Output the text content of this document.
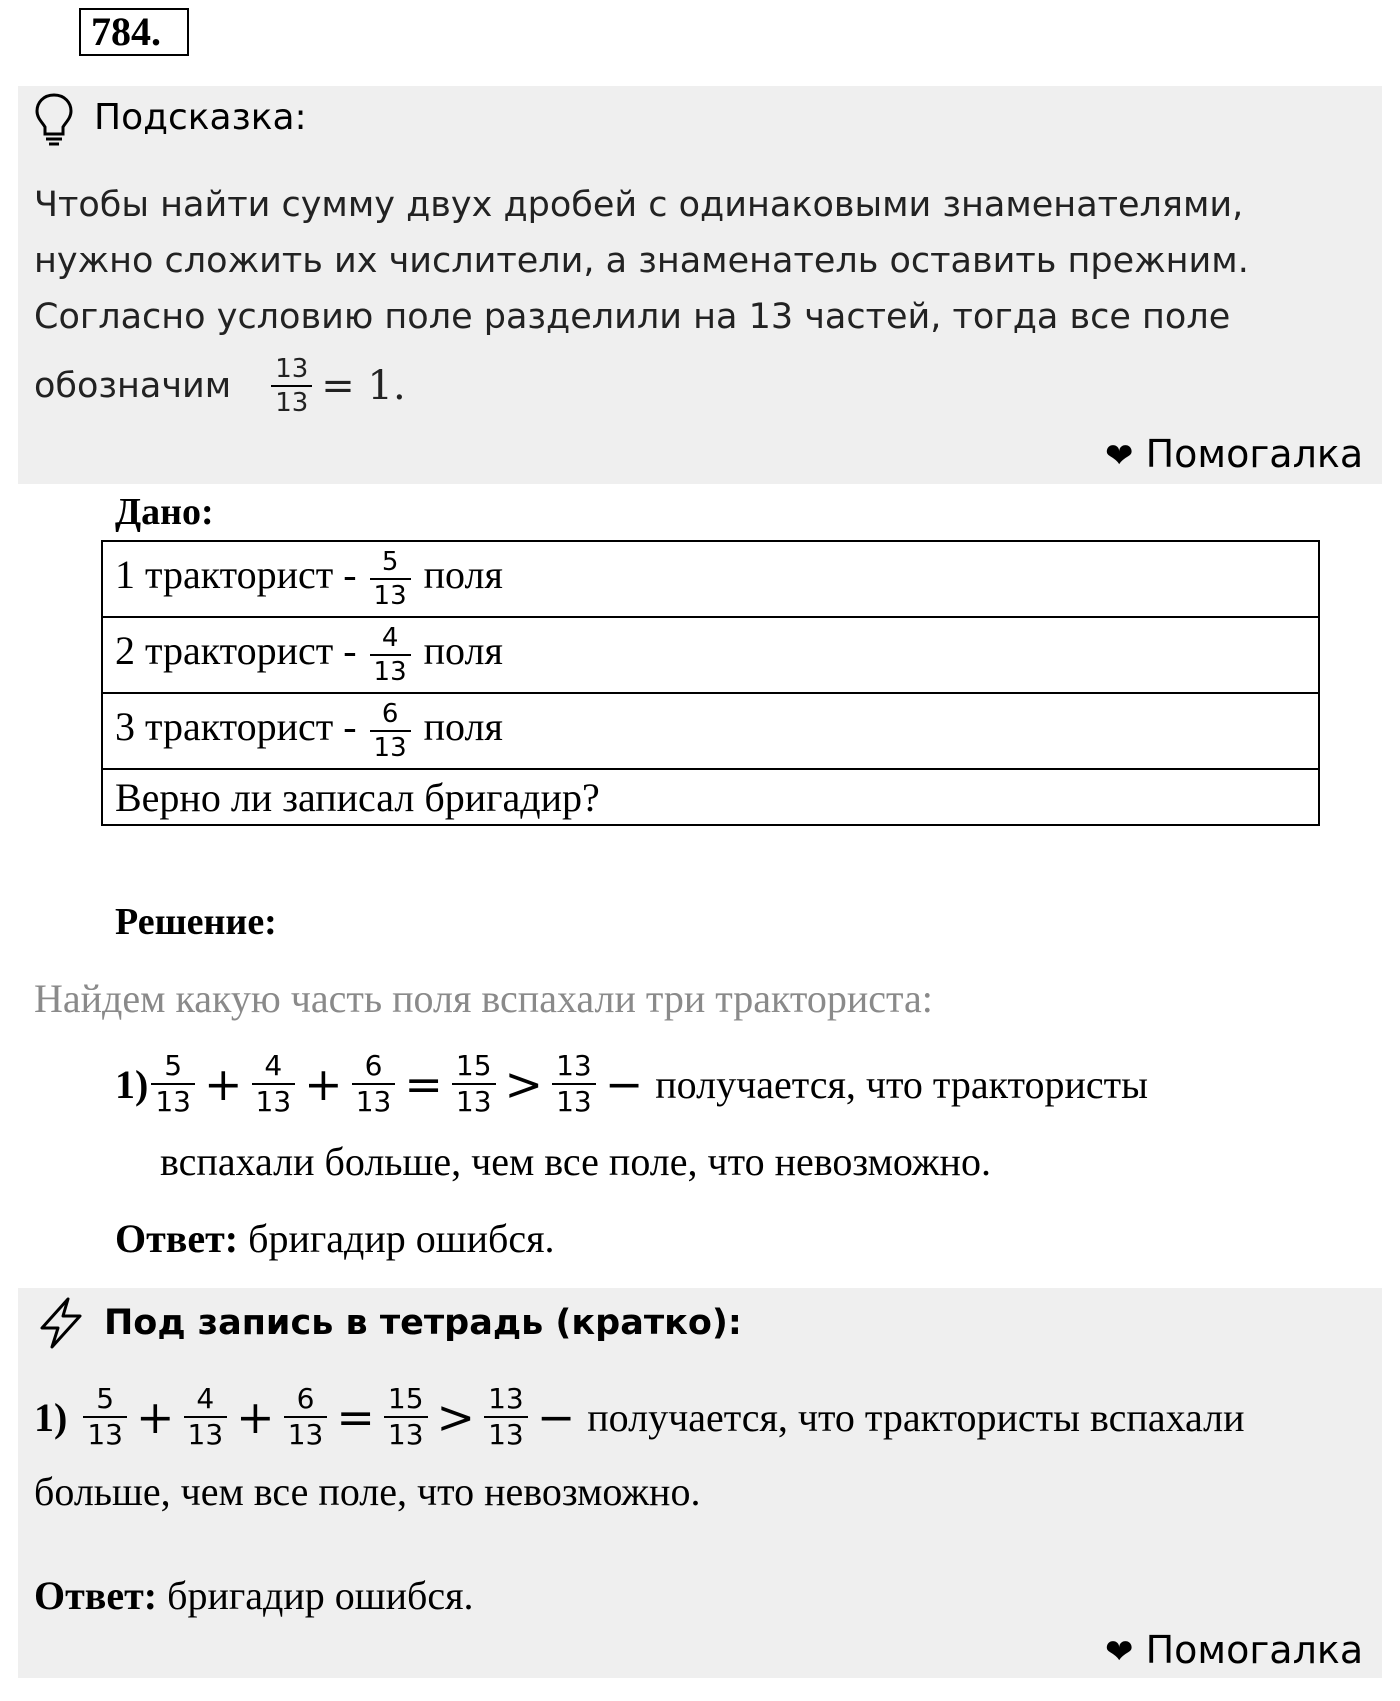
784.
Подсказка:
Чтобы найти сумму двух дробей с одинаковыми знаменателями,
нужно сложить их числители, а знаменатель оставить прежним.
Согласно условию поле разделили на 13 частей, тогда все поле
обозначим $\frac{13}{13} = 1$.
❤ Помогалка
Дано:
1 тракторист - $\frac{5}{13}$ поля
2 тракторист - $\frac{4}{13}$ поля
3 тракторист - $\frac{6}{13}$ поля
Верно ли записал бригадир?
Решение:
Найдем какую часть поля вспахали три тракториста:
$1) \frac{5}{13} + \frac{4}{13} + \frac{6}{13} = \frac{15}{13} > \frac{13}{13}$ − получается, что трактористы
вспахали больше, чем все поле, что невозможно.
Ответ: бригадир ошибся.
Под запись в тетрадь (кратко):
$1) \frac{5}{13} + \frac{4}{13} + \frac{6}{13} = \frac{15}{13} > \frac{13}{13}$ − получается, что трактористы вспахали
больше, чем все поле, что невозможно.
Ответ: бригадир ошибся.
❤ Помогалка
